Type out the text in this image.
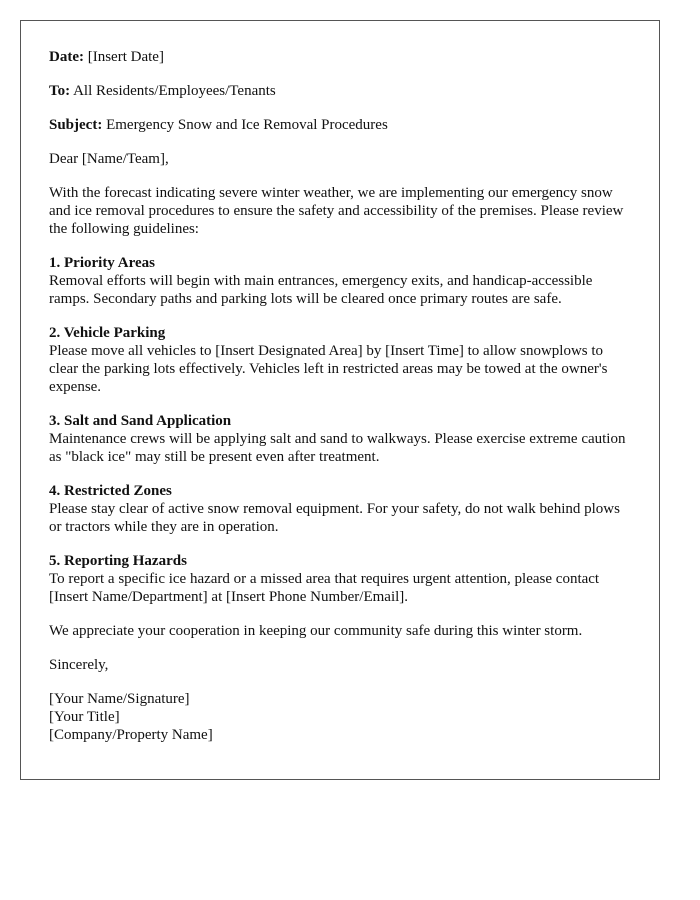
Date: [Insert Date]

To: All Residents/Employees/Tenants

Subject: Emergency Snow and Ice Removal Procedures

Dear [Name/Team],

With the forecast indicating severe winter weather, we are implementing our emergency snow and ice removal procedures to ensure the safety and accessibility of the premises. Please review the following guidelines:

1. Priority Areas
Removal efforts will begin with main entrances, emergency exits, and handicap-accessible ramps. Secondary paths and parking lots will be cleared once primary routes are safe.
2. Vehicle Parking
Please move all vehicles to [Insert Designated Area] by [Insert Time] to allow snowplows to clear the parking lots effectively. Vehicles left in restricted areas may be towed at the owner's expense.
3. Salt and Sand Application
Maintenance crews will be applying salt and sand to walkways. Please exercise extreme caution as "black ice" may still be present even after treatment.
4. Restricted Zones
Please stay clear of active snow removal equipment. For your safety, do not walk behind plows or tractors while they are in operation.
5. Reporting Hazards
To report a specific ice hazard or a missed area that requires urgent attention, please contact [Insert Name/Department] at [Insert Phone Number/Email].

We appreciate your cooperation in keeping our community safe during this winter storm.

Sincerely,

[Your Name/Signature]
[Your Title]
[Company/Property Name]
